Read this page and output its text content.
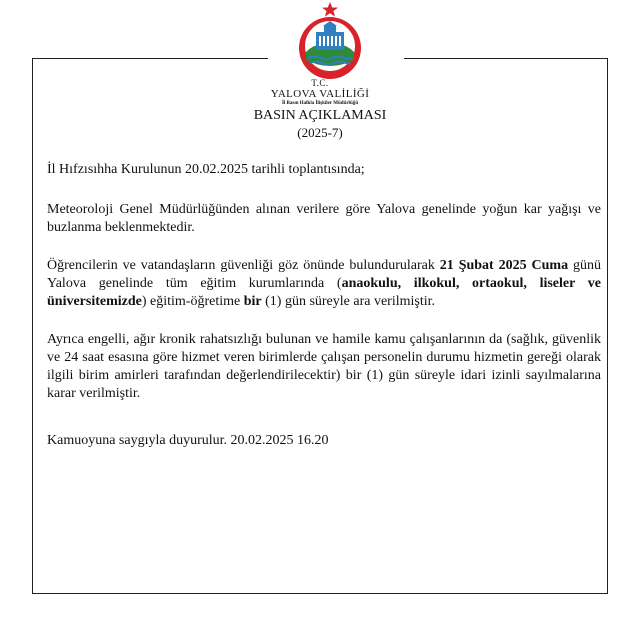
T.C.
YALOVA VALİLİĞİ
İl Basın Halkla İlişkiler Müdürlüğü
BASIN AÇIKLAMASI
(2025-7)

İl Hıfzısıhha Kurulunun 20.02.2025 tarihli toplantısında;

Meteoroloji Genel Müdürlüğünden alınan verilere göre Yalova genelinde yoğun kar yağışı ve buzlanma beklenmektedir.

Öğrencilerin ve vatandaşların güvenliği göz önünde bulundurularak 21 Şubat 2025 Cuma günü Yalova genelinde tüm eğitim kurumlarında (anaokulu, ilkokul, ortaokul, liseler ve üniversitemizde) eğitim-öğretime bir (1) gün süreyle ara verilmiştir.

Ayrıca engelli, ağır kronik rahatsızlığı bulunan ve hamile kamu çalışanlarının da (sağlık, güvenlik ve 24 saat esasına göre hizmet veren birimlerde çalışan personelin durumu hizmetin gereği olarak ilgili birim amirleri tarafından değerlendirilecektir) bir (1) gün süreyle idari izinli sayılmalarına karar verilmiştir.

Kamuoyuna saygıyla duyurulur. 20.02.2025 16.20
